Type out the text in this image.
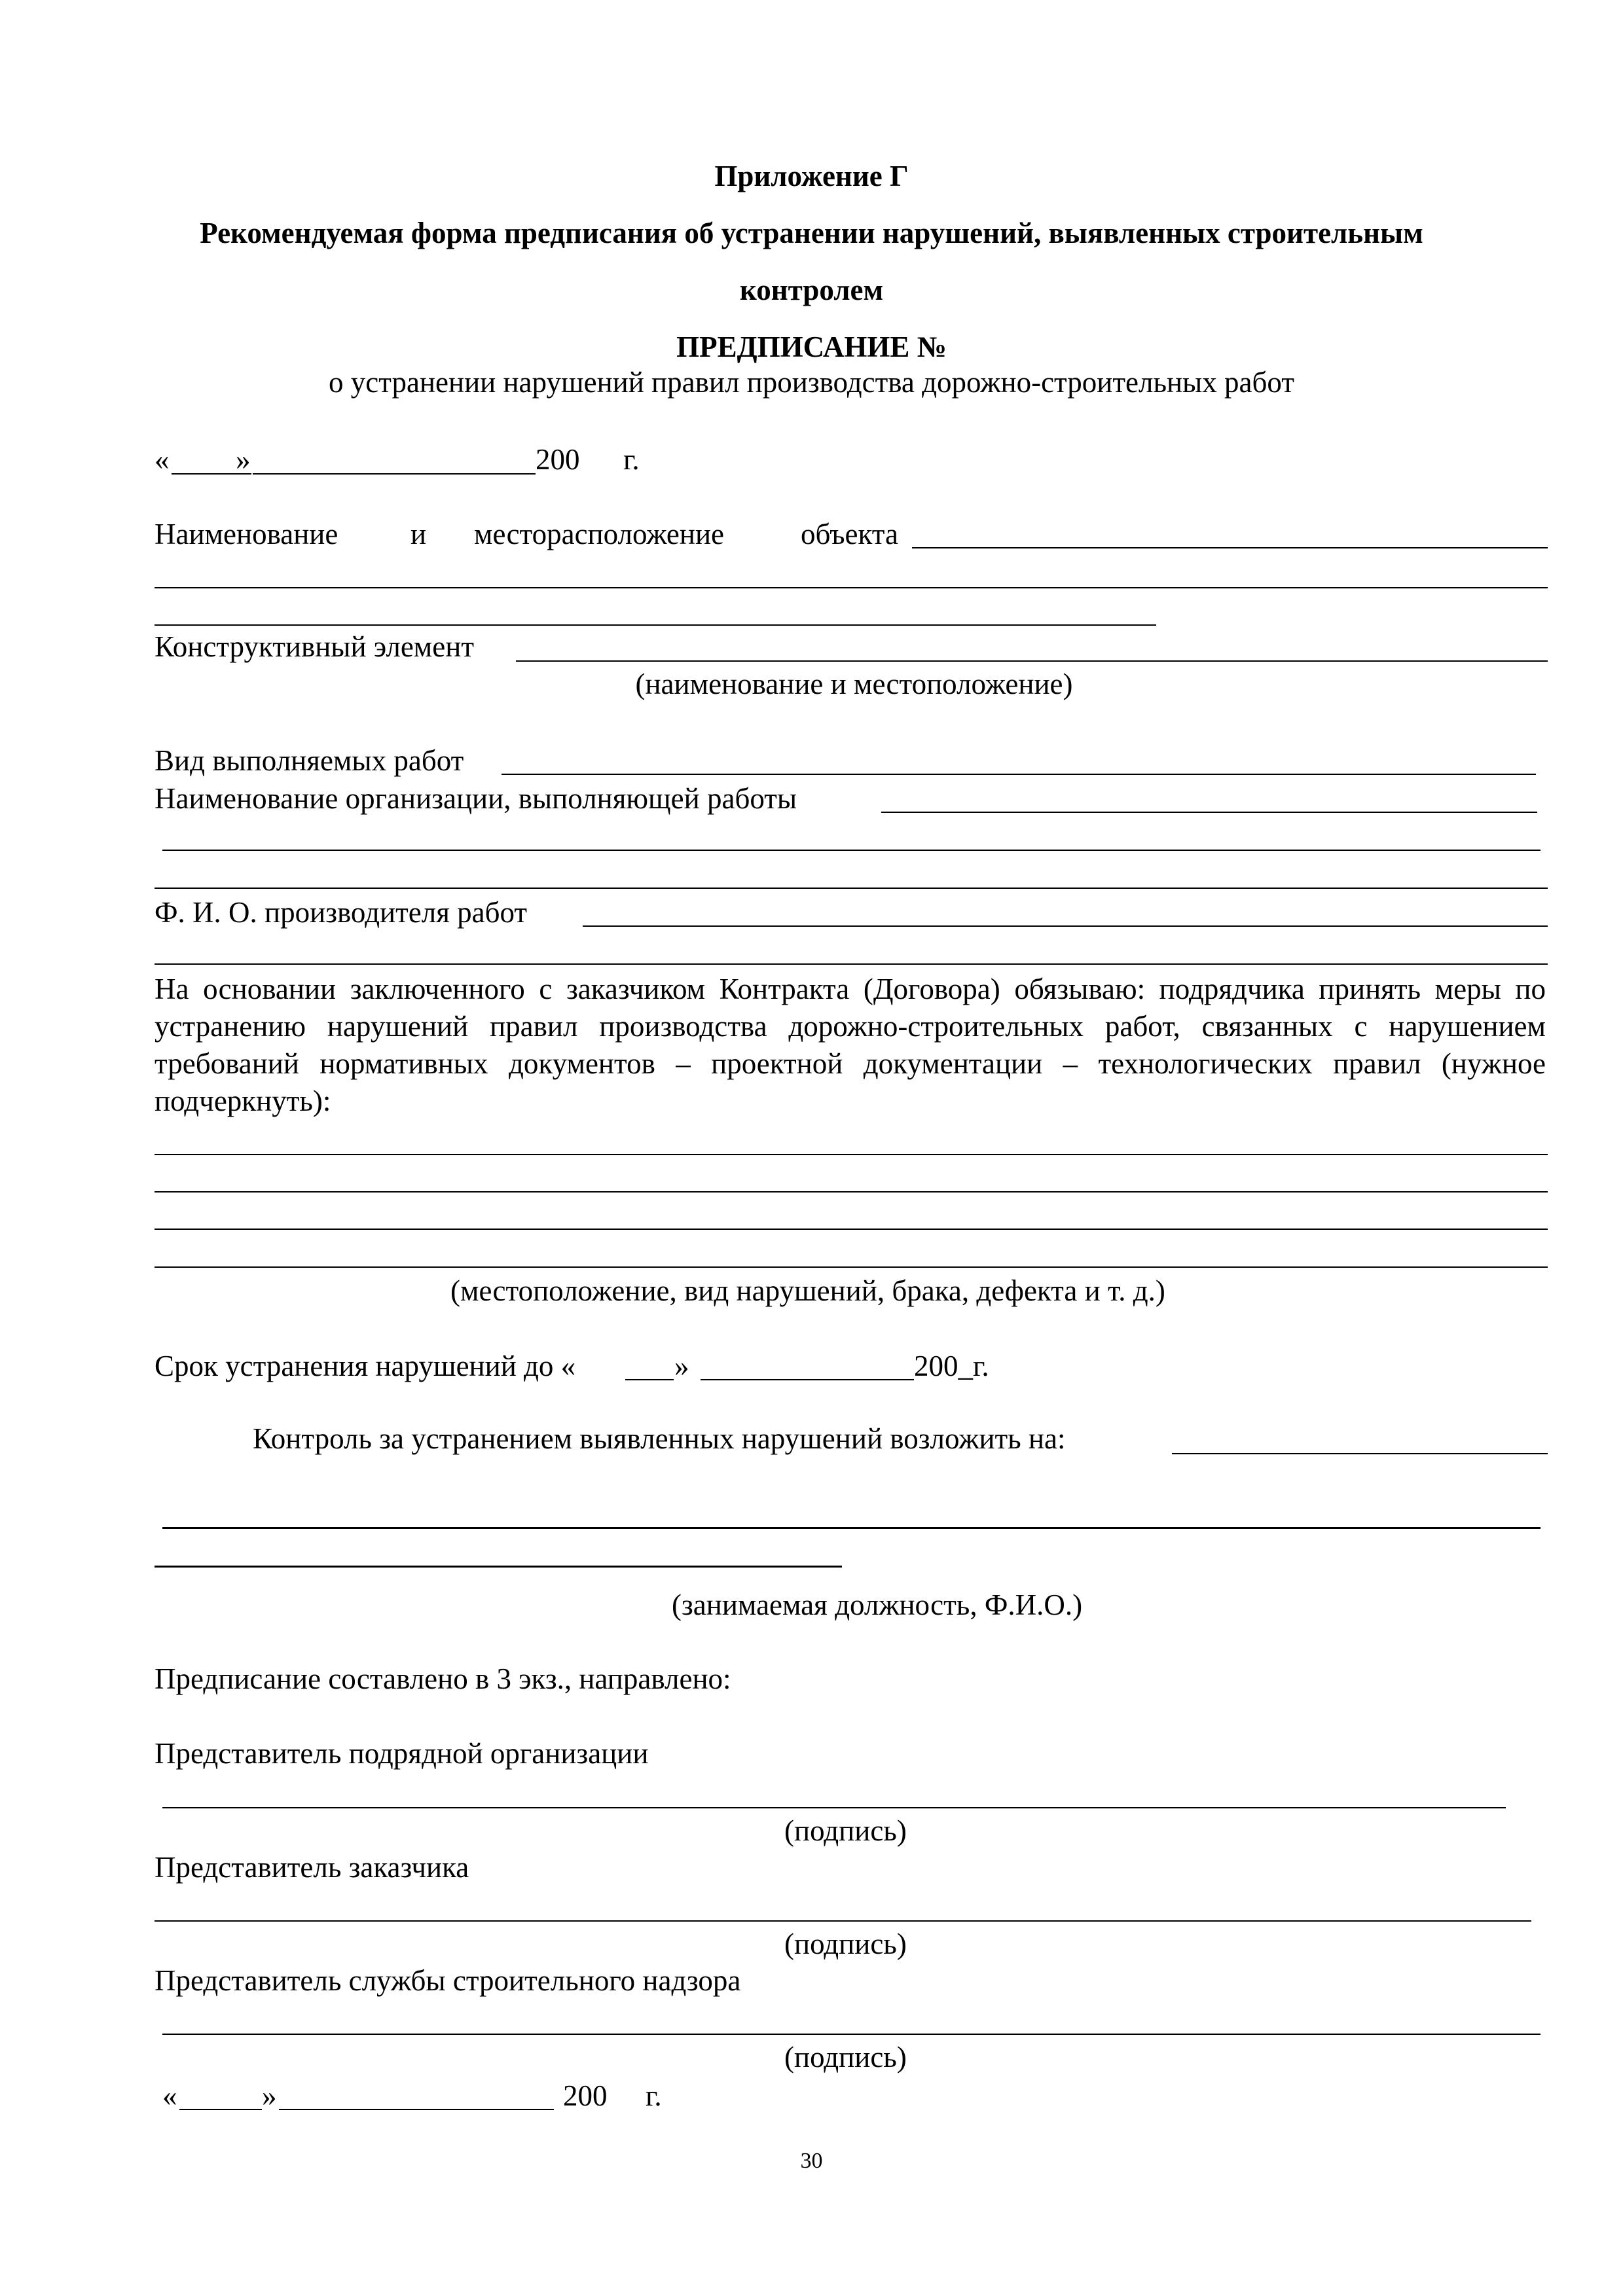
Приложение Г
Рекомендуемая форма предписания об устранении нарушений, выявленных строительным
контролем
ПРЕДПИСАНИЕ №
о устранении нарушений правил производства дорожно-строительных работ
« »	200 г.
Наименование и месторасположение	объекта
Конструктивный элемент
(наименование и местоположение)
Вид выполняемых работ
Наименование организации, выполняющей работы
Ф. И. О. производителя работ
На основании заключенного с заказчиком Контракта (Договора) обязываю: подрядчика принять меры по устранению нарушений правил производства дорожно-строительных работ, связанных с нарушением требований нормативных документов – проектной документации – технологических правил (нужное подчеркнуть):
(местоположение, вид нарушений, брака, дефекта и т. д.)
Срок устранения нарушений до «	»	200_г.
Контроль за устранением выявленных нарушений возложить на:
(занимаемая должность, Ф.И.О.)
Предписание составлено в 3 экз., направлено:
Представитель подрядной организации
(подпись)
Представитель заказчика
(подпись)
Представитель службы строительного надзора
(подпись)
«	»	200 г.
30
